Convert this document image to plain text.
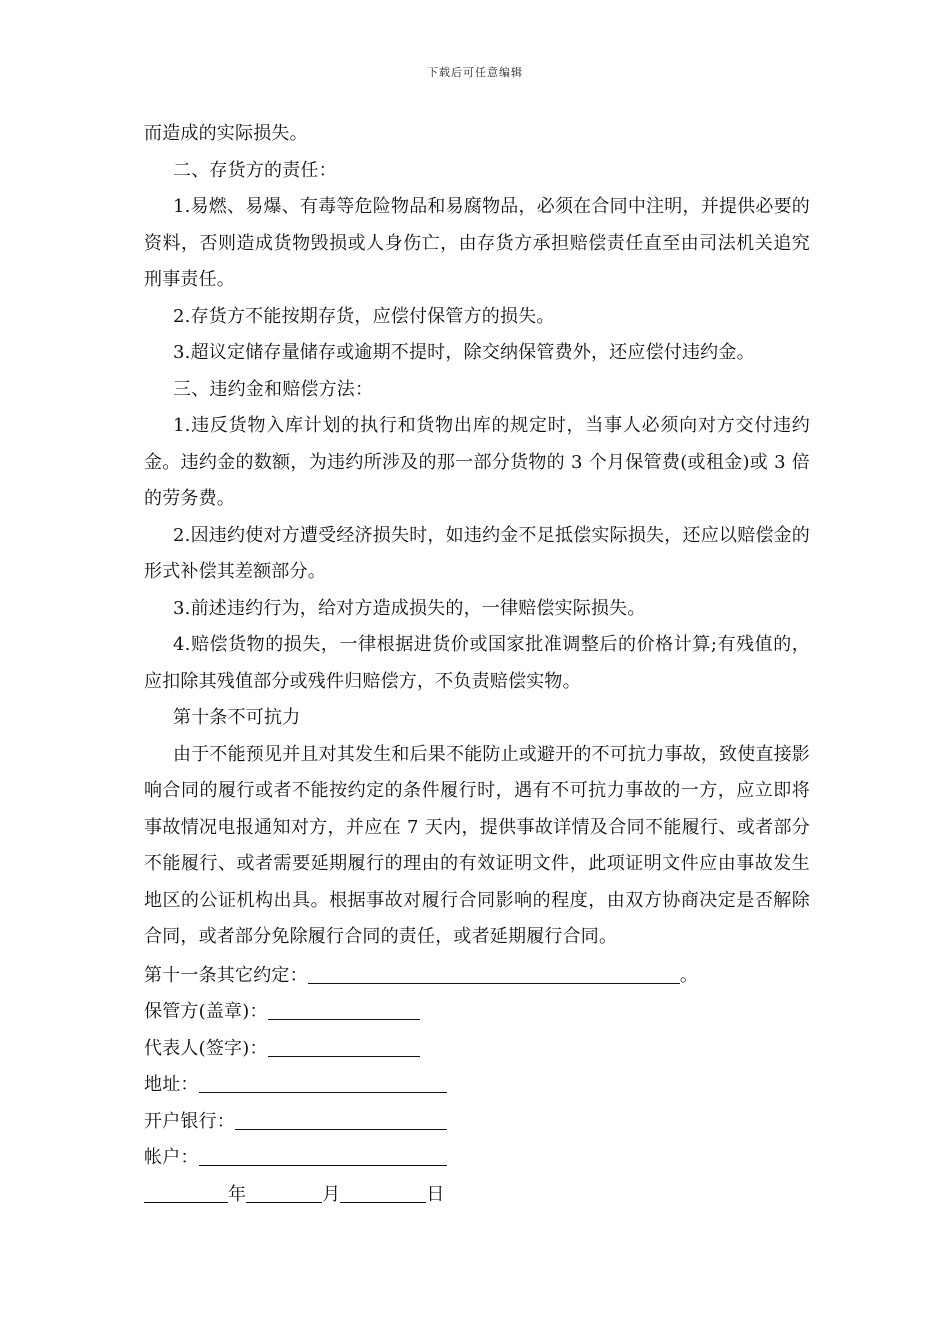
下载后可任意编辑

而造成的实际损失。

二、存货方的责任：

1.易燃、易爆、有毒等危险物品和易腐物品，必须在合同中注明，并提供必要的资料，否则造成货物毁损或人身伤亡，由存货方承担赔偿责任直至由司法机关追究刑事责任。

2.存货方不能按期存货，应偿付保管方的损失。

3.超议定储存量储存或逾期不提时，除交纳保管费外，还应偿付违约金。

三、违约金和赔偿方法：

1.违反货物入库计划的执行和货物出库的规定时，当事人必须向对方交付违约金。违约金的数额，为违约所涉及的那一部分货物的 3 个月保管费(或租金)或 3 倍的劳务费。

2.因违约使对方遭受经济损失时，如违约金不足抵偿实际损失，还应以赔偿金的形式补偿其差额部分。

3.前述违约行为，给对方造成损失的，一律赔偿实际损失。

4.赔偿货物的损失，一律根据进货价或国家批准调整后的价格计算;有残值的，应扣除其残值部分或残件归赔偿方，不负责赔偿实物。

第十条不可抗力

由于不能预见并且对其发生和后果不能防止或避开的不可抗力事故，致使直接影响合同的履行或者不能按约定的条件履行时，遇有不可抗力事故的一方，应立即将事故情况电报通知对方，并应在 7 天内，提供事故详情及合同不能履行、或者部分不能履行、或者需要延期履行的理由的有效证明文件，此项证明文件应由事故发生地区的公证机构出具。根据事故对履行合同影响的程度，由双方协商决定是否解除合同，或者部分免除履行合同的责任，或者延期履行合同。

第十一条其它约定：	。

保管方(盖章)：

代表人(签字)：

地址：

开户银行：

帐户：

年	月	日
